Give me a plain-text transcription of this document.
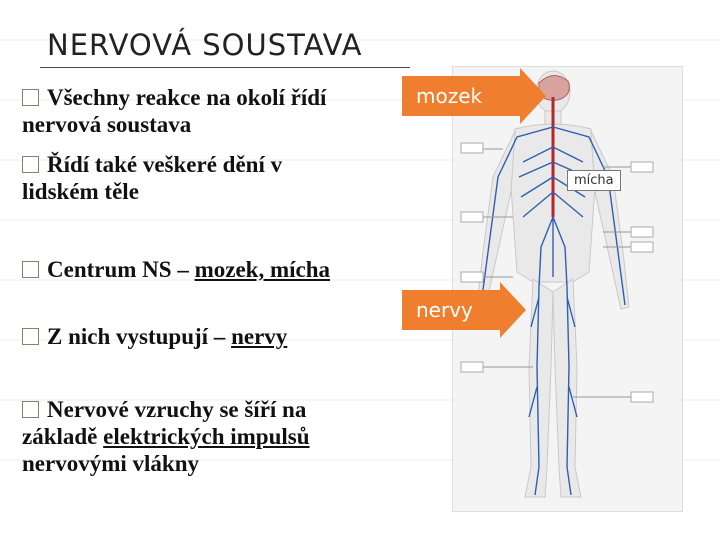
NERVOVÁ SOUSTAVA
Všechny reakce na okolí řídí nervová soustava
Řídí také veškeré dění v lidském těle
Centrum NS – mozek, mícha
Z nich vystupují – nervy
Nervové vzruchy se šíří na základě elektrických impulsů nervovými vlákny
mozek
nervy
mícha
